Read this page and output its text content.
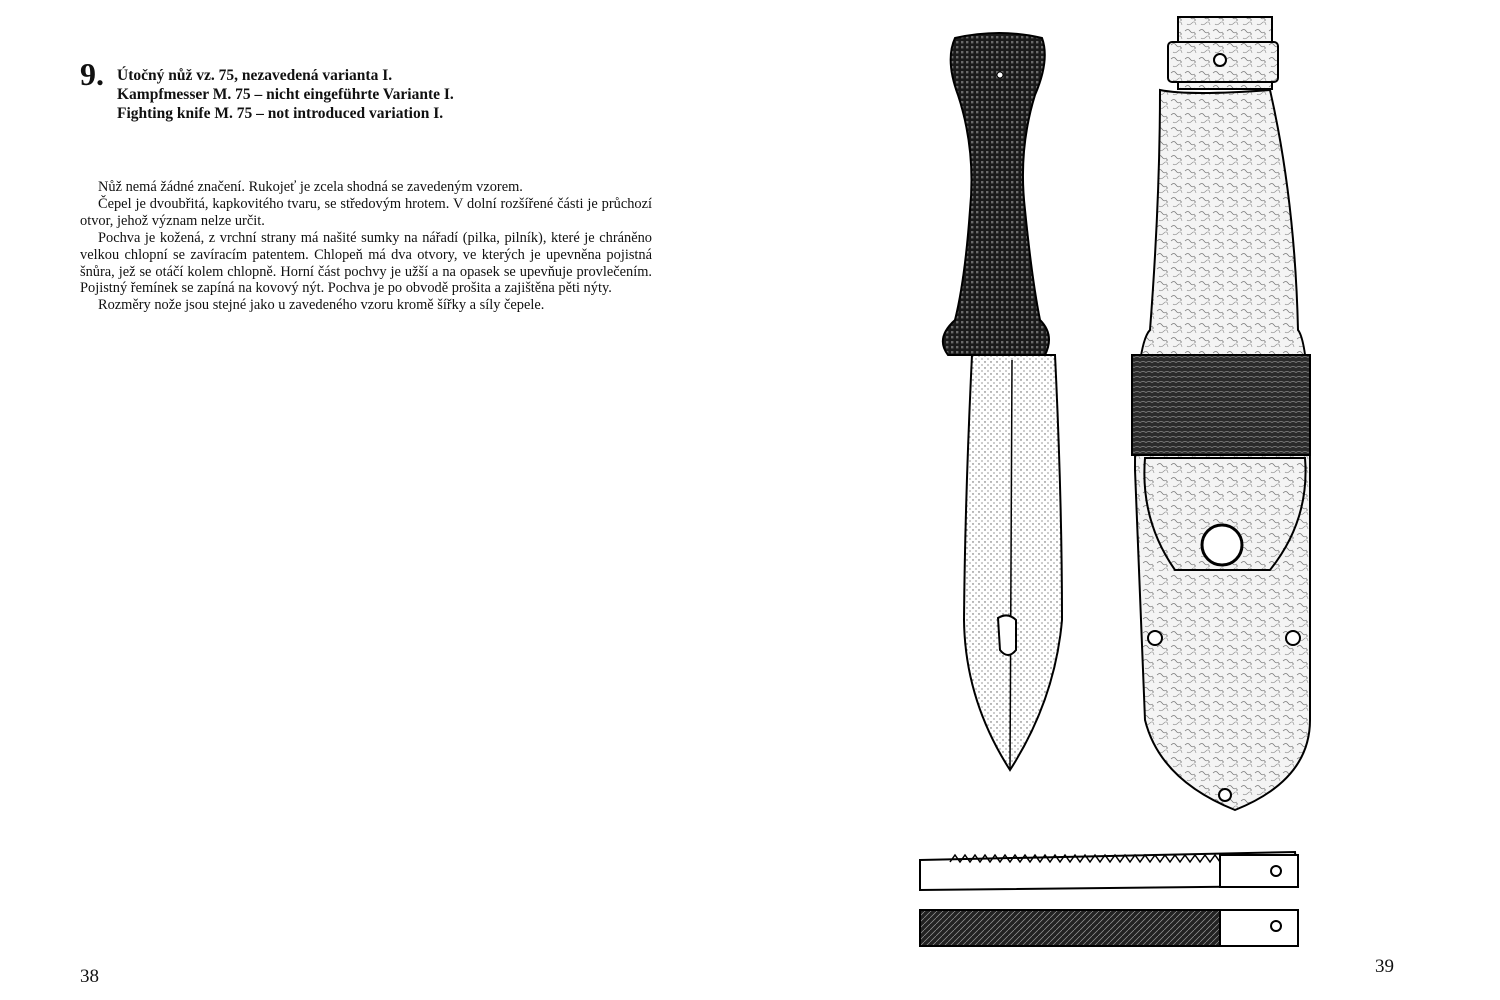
9. Útočný nůž vz. 75, nezavedená varianta I.
Kampfmesser M. 75 – nicht eingeführte Variante I.
Fighting knife M. 75 – not introduced variation I.

Nůž nemá žádné značení. Rukojeť je zcela shodná se zavedeným vzorem.

Čepel je dvoubřitá, kapkovitého tvaru, se středovým hrotem. V dolní rozšířené části je průchozí otvor, jehož význam nelze určit.

Pochva je kožená, z vrchní strany má našité sumky na nářadí (pilka, pilník), které je chráněno velkou chlopní se zavíracím patentem. Chlopeň má dva otvory, ve kterých je upevněna pojistná šnůra, jež se otáčí kolem chlopně. Horní část pochvy je užší a na opasek se upevňuje provlečením. Pojistný řemínek se zapíná na kovový nýt. Pochva je po obvodě prošita a zajištěna pěti nýty.

Rozměry nože jsou stejné jako u zavedeného vzoru kromě šířky a síly čepele.

38	39
